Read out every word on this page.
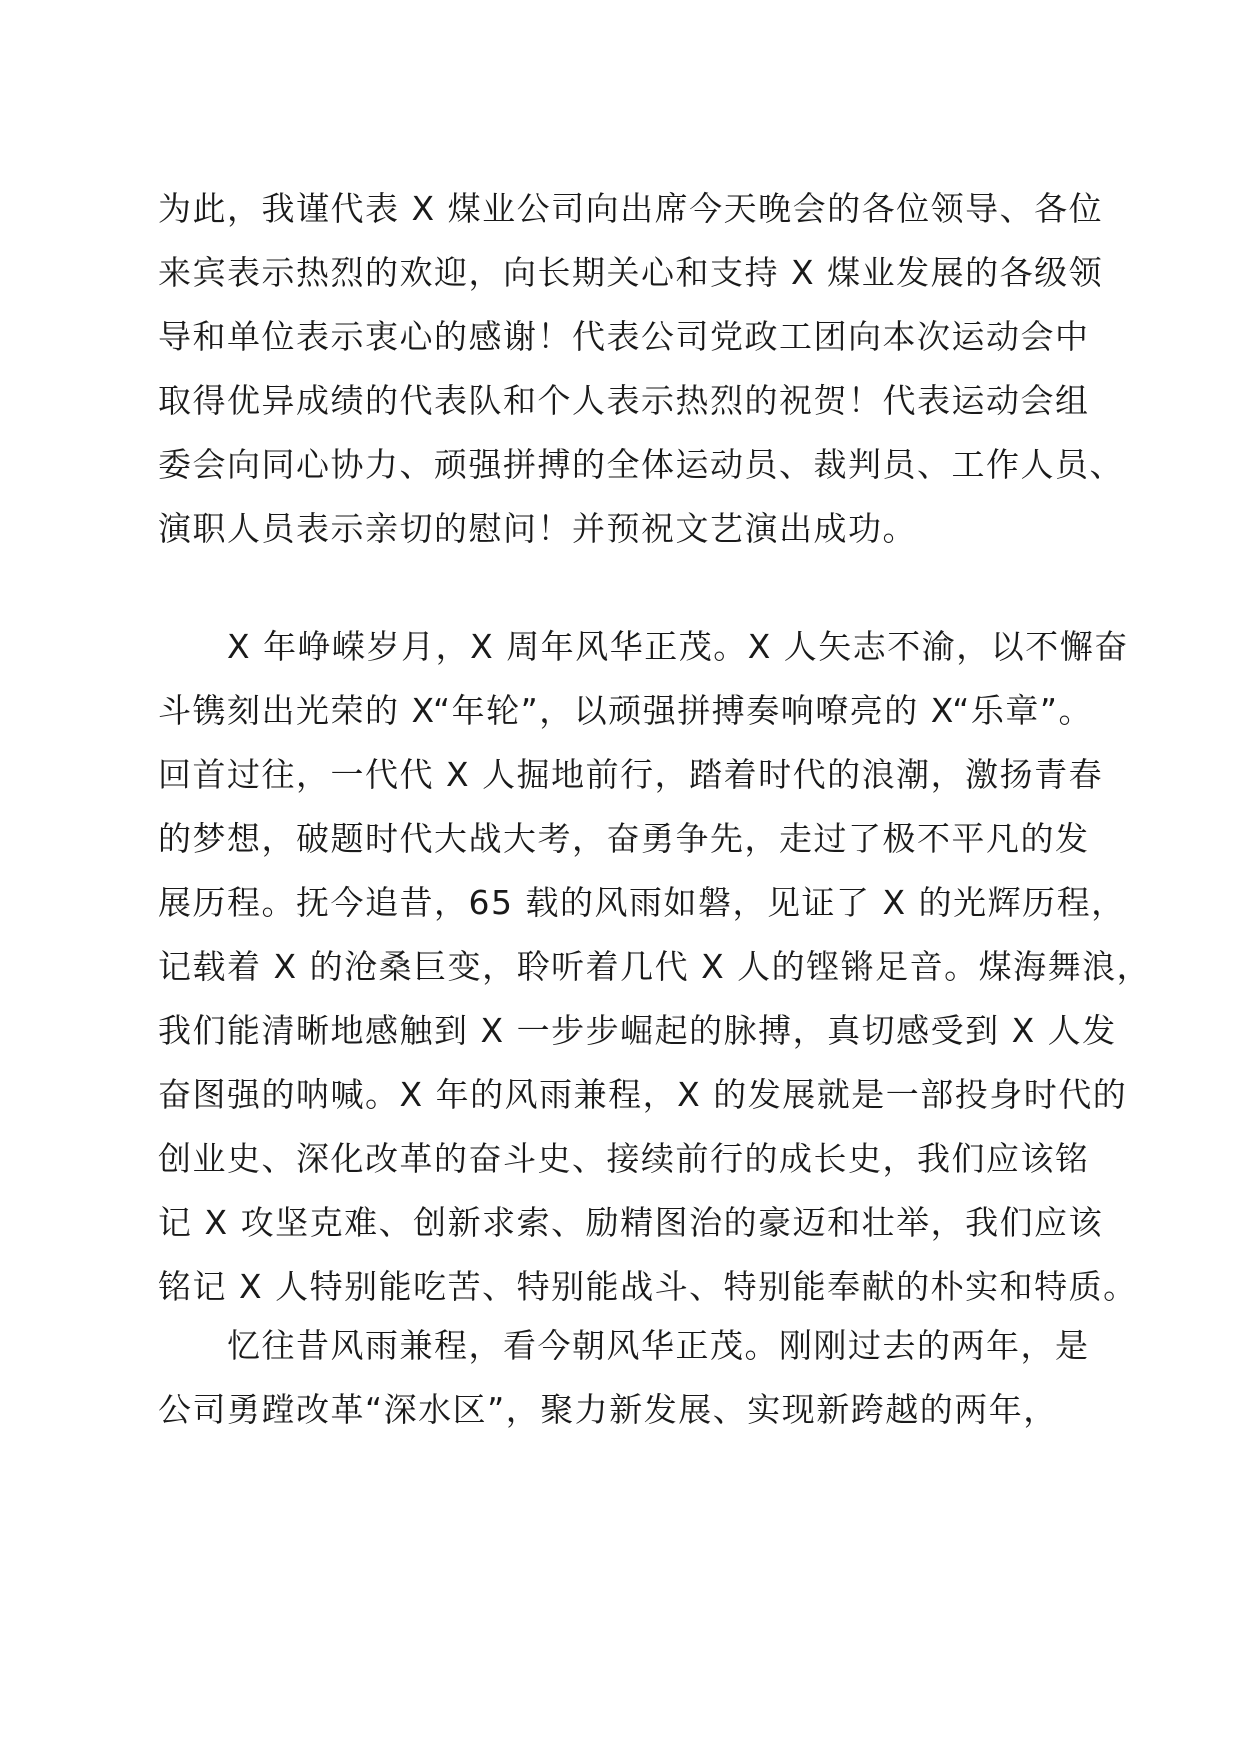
为此，我谨代表 X 煤业公司向出席今天晚会的各位领导、各位
来宾表示热烈的欢迎，向长期关心和支持 X 煤业发展的各级领
导和单位表示衷心的感谢！代表公司党政工团向本次运动会中
取得优异成绩的代表队和个人表示热烈的祝贺！代表运动会组
委会向同心协力、顽强拼搏的全体运动员、裁判员、工作人员、
演职人员表示亲切的慰问！并预祝文艺演出成功。
　　X 年峥嵘岁月，X 周年风华正茂。X 人矢志不渝，以不懈奋
斗镌刻出光荣的 X“年轮”，以顽强拼搏奏响嘹亮的 X“乐章”。
回首过往，一代代 X 人掘地前行，踏着时代的浪潮，激扬青春
的梦想，破题时代大战大考，奋勇争先，走过了极不平凡的发
展历程。抚今追昔，65 载的风雨如磐，见证了 X 的光辉历程，
记载着 X 的沧桑巨变，聆听着几代 X 人的铿锵足音。煤海舞浪，
我们能清晰地感触到 X 一步步崛起的脉搏，真切感受到 X 人发
奋图强的呐喊。X 年的风雨兼程，X 的发展就是一部投身时代的
创业史、深化改革的奋斗史、接续前行的成长史，我们应该铭
记 X 攻坚克难、创新求索、励精图治的豪迈和壮举，我们应该
铭记 X 人特别能吃苦、特别能战斗、特别能奉献的朴实和特质。
　　忆往昔风雨兼程，看今朝风华正茂。刚刚过去的两年，是
公司勇蹚改革“深水区”，聚力新发展、实现新跨越的两年，
